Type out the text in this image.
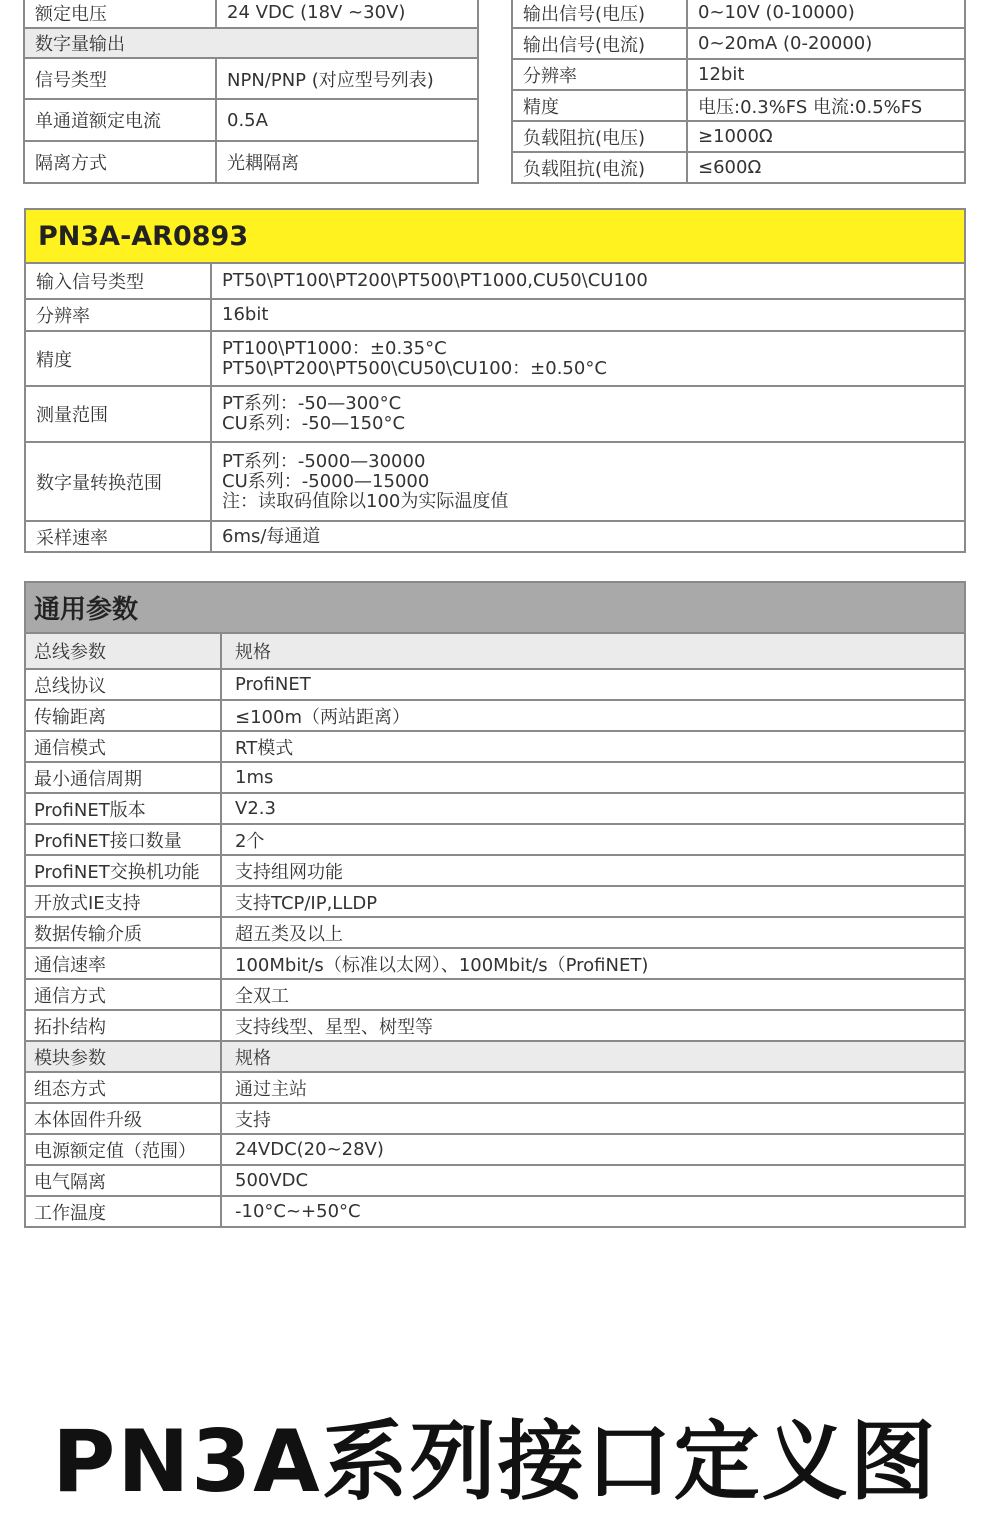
额定电压	24 VDC (18V ~30V)
数字量输出	
信号类型	NPN/PNP (对应型号列表)
单通道额定电流	0.5A
隔离方式	光耦隔离
输出信号(电压)	0~10V (0-10000)
输出信号(电流)	0~20mA (0-20000)
分辨率	12bit
精度	电压:0.3%FS 电流:0.5%FS
负载阻抗(电压)	≥1000Ω
负载阻抗(电流)	≤600Ω
PN3A-AR0893	
输入信号类型	PT50\PT100\PT200\PT500\PT1000,CU50\CU100

分辨率	16bit

精度	PT100\PT1000：±0.35°C
PT50\PT200\PT500\CU50\CU100：±0.50°C

测量范围	PT系列：-50—300°C
CU系列：-50—150°C

数字量转换范围	PT系列：-5000—30000
CU系列：-5000—15000
注：读取码值除以100为实际温度值

采样速率	6ms/每通道
通用参数	
总线参数	规格
总线协议	ProfiNET
传输距离	≤100m（两站距离）
通信模式	RT模式
最小通信周期	1ms
ProfiNET版本	V2.3
ProfiNET接口数量	2个
ProfiNET交换机功能	支持组网功能
开放式IE支持	支持TCP/IP,LLDP
数据传输介质	超五类及以上
通信速率	100Mbit/s（标准以太网）、100Mbit/s（ProfiNET)
通信方式	全双工
拓扑结构	支持线型、星型、树型等
模块参数	规格
组态方式	通过主站
本体固件升级	支持
电源额定值（范围）	24VDC(20~28V)
电气隔离	500VDC
工作温度	-10°C~+50°C
PN3A系列接口定义图
